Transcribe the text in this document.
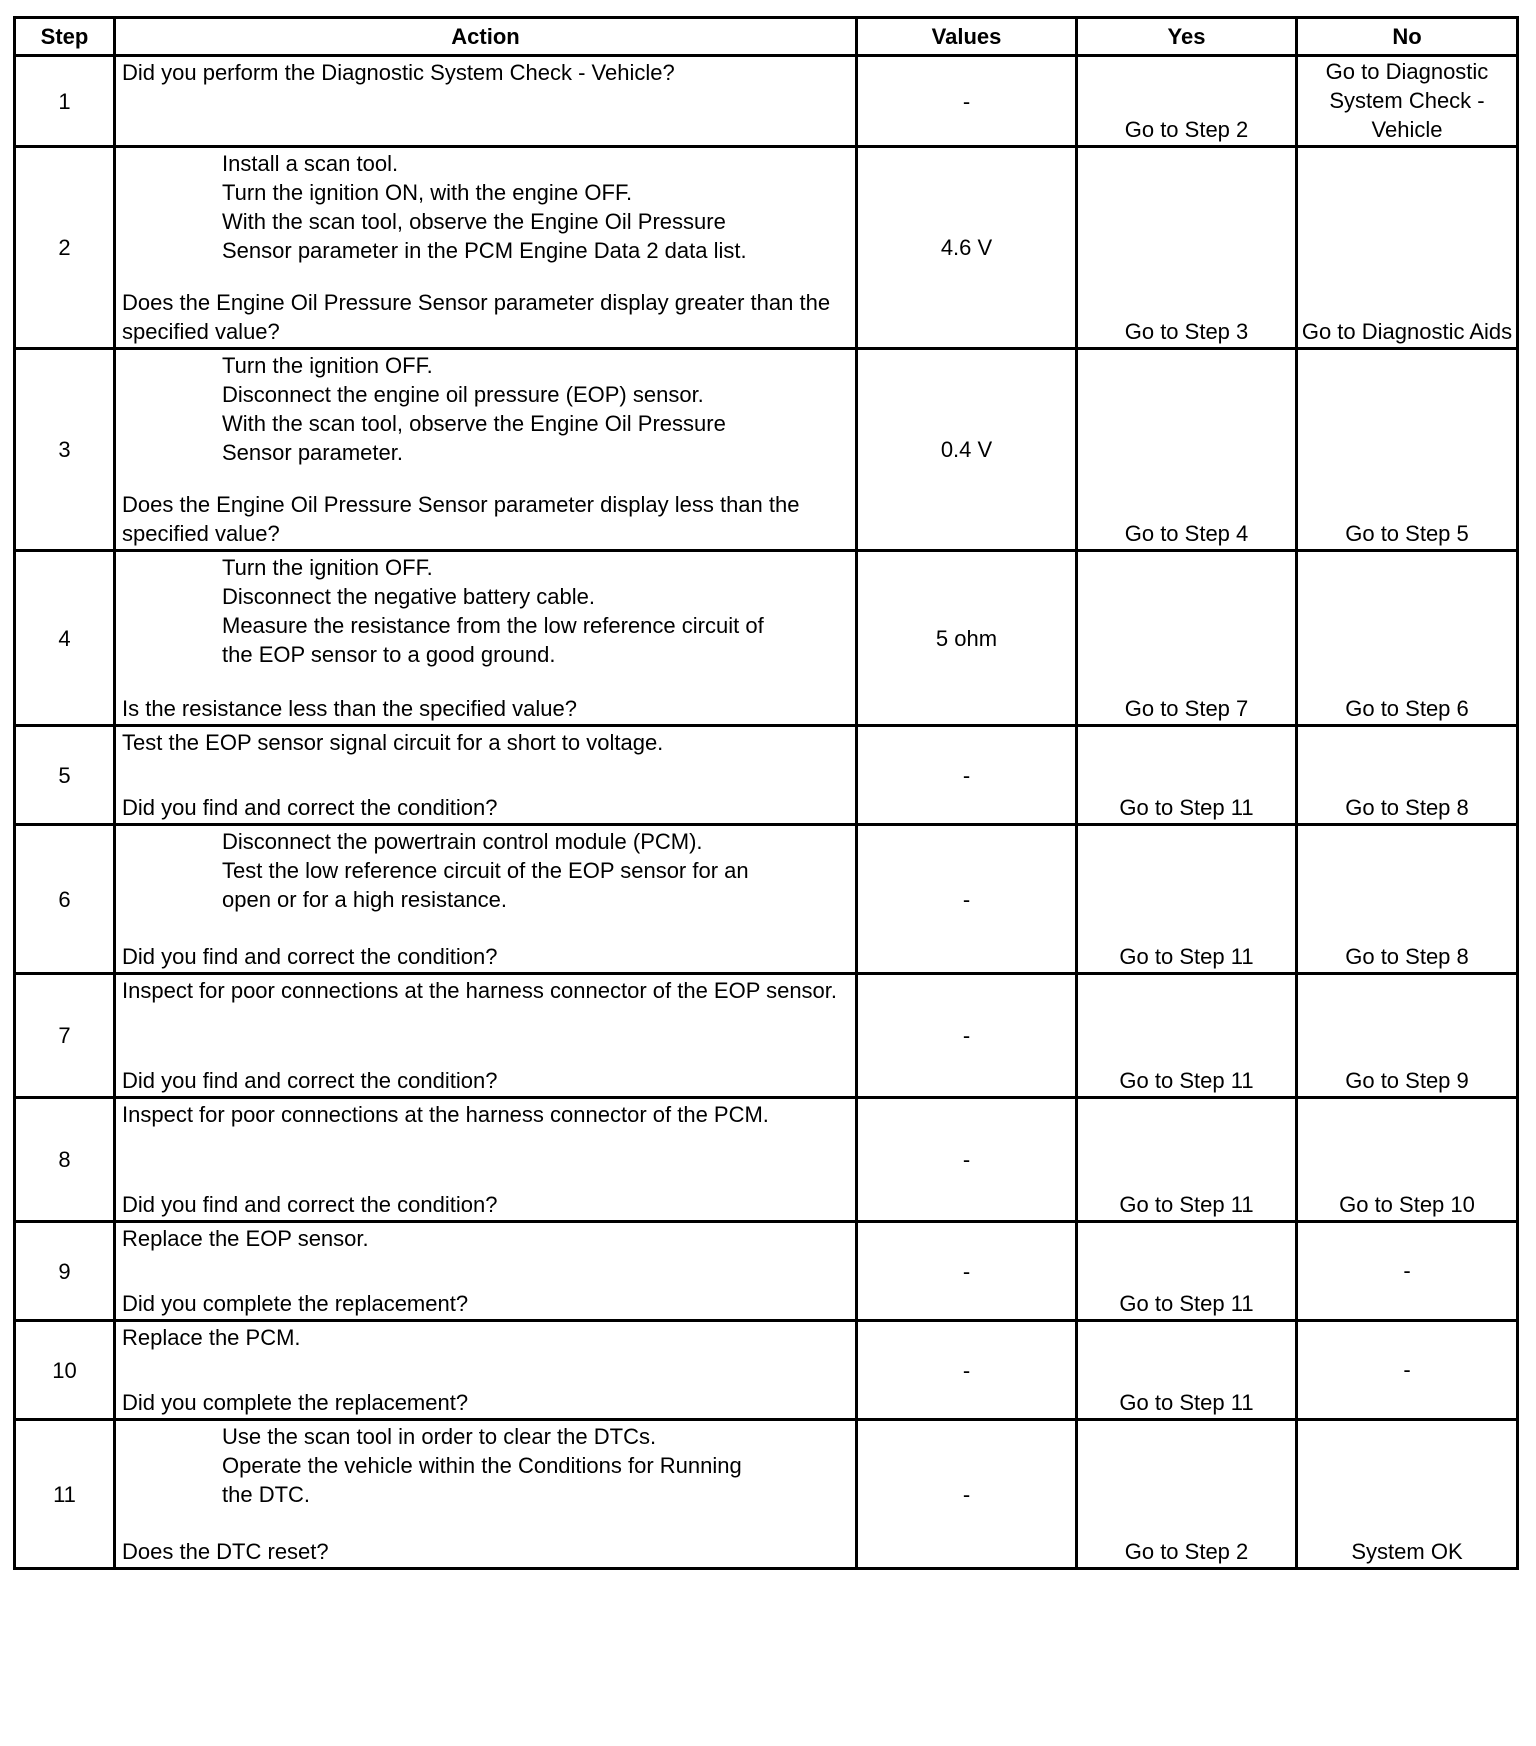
Step	Action	Values	Yes	No
1	Did you perform the Diagnostic System Check - Vehicle?	-	Go to Step 2	Go to Diagnostic System Check - Vehicle
2	Install a scan tool.
Turn the ignition ON, with the engine OFF.
With the scan tool, observe the Engine Oil Pressure
Sensor parameter in the PCM Engine Data 2 data list.
Does the Engine Oil Pressure Sensor parameter display greater than the specified value?	4.6 V	Go to Step 3	Go to Diagnostic Aids
3	Turn the ignition OFF.
Disconnect the engine oil pressure (EOP) sensor.
With the scan tool, observe the Engine Oil Pressure
Sensor parameter.
Does the Engine Oil Pressure Sensor parameter display less than the specified value?	0.4 V	Go to Step 4	Go to Step 5
4	Turn the ignition OFF.
Disconnect the negative battery cable.
Measure the resistance from the low reference circuit of
the EOP sensor to a good ground.
Is the resistance less than the specified value?	5 ohm	Go to Step 7	Go to Step 6
5	Test the EOP sensor signal circuit for a short to voltage.
Did you find and correct the condition?	-	Go to Step 11	Go to Step 8
6	Disconnect the powertrain control module (PCM).
Test the low reference circuit of the EOP sensor for an
open or for a high resistance.
Did you find and correct the condition?	-	Go to Step 11	Go to Step 8
7	Inspect for poor connections at the harness connector of the EOP sensor.
Did you find and correct the condition?	-	Go to Step 11	Go to Step 9
8	Inspect for poor connections at the harness connector of the PCM.
Did you find and correct the condition?	-	Go to Step 11	Go to Step 10
9	Replace the EOP sensor.
Did you complete the replacement?	-	Go to Step 11	-
10	Replace the PCM.
Did you complete the replacement?	-	Go to Step 11	-
11	Use the scan tool in order to clear the DTCs.
Operate the vehicle within the Conditions for Running
the DTC.
Does the DTC reset?	-	Go to Step 2	System OK
